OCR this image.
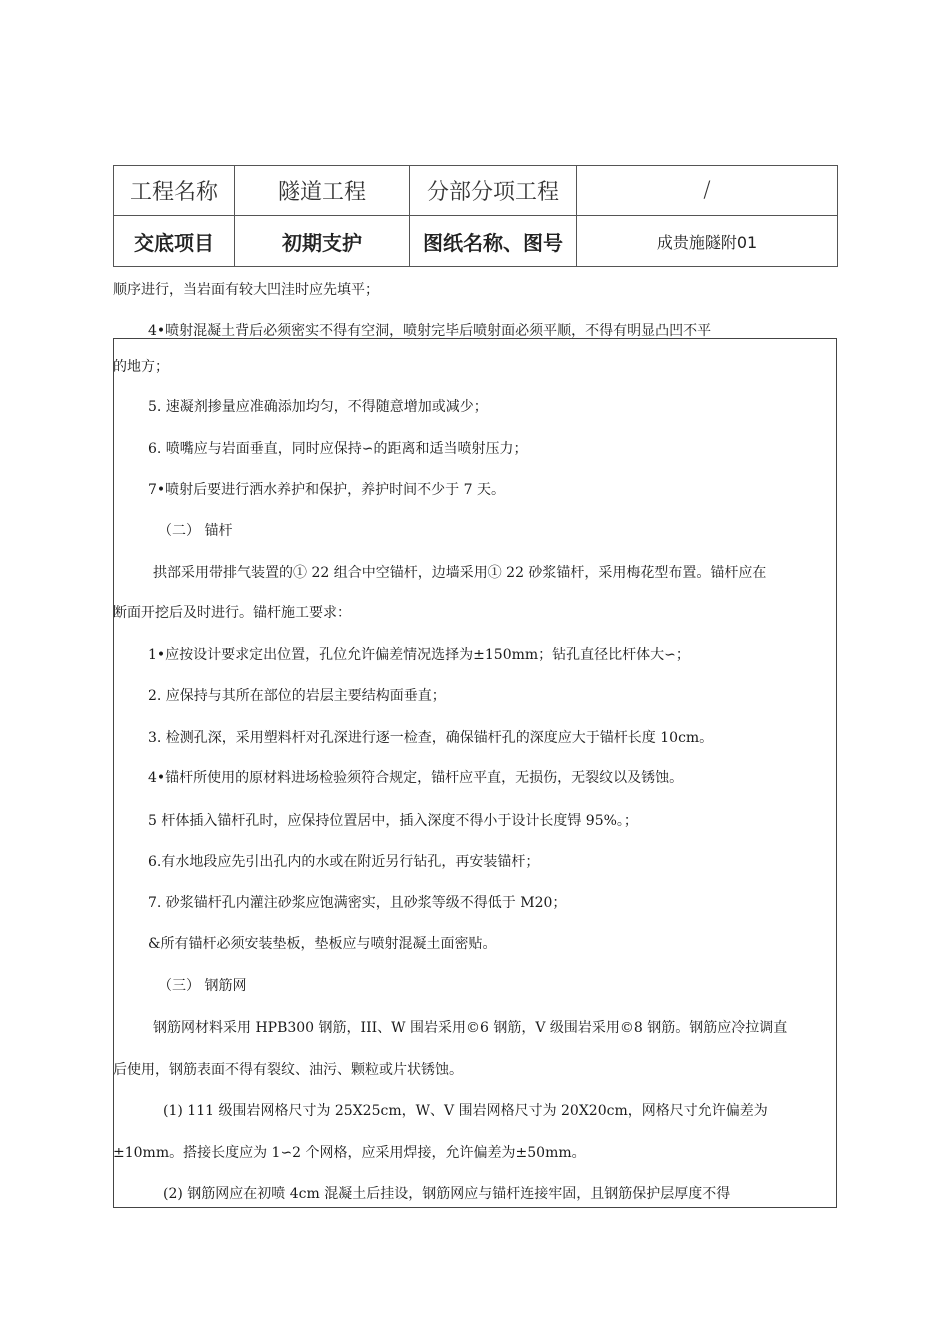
工程名称	隧道工程	分部分项工程	/
交底项目	初期支护	图纸名称、图号	成贵施隧附01
顺序进行，当岩面有较大凹洼时应先填平；
4•喷射混凝土背后必须密实不得有空洞，喷射完毕后喷射面必须平顺，不得有明显凸凹不平
的地方；
5. 速凝剂掺量应准确添加均匀，不得随意增加或减少；
6. 喷嘴应与岩面垂直，同时应保持∽的距离和适当喷射压力；
7•喷射后要进行洒水养护和保护，养护时间不少于 7 天。
（二） 锚杆
拱部采用带排气装置的① 22 组合中空锚杆，边墙采用① 22 砂浆锚杆，采用梅花型布置。锚杆应在
断面开挖后及时进行。锚杆施工要求：
1•应按设计要求定出位置，孔位允许偏差情况选择为±150mm；钻孔直径比杆体大∽；
2. 应保持与其所在部位的岩层主要结构面垂直；
3. 检测孔深，采用塑料杆对孔深进行逐一检查，确保锚杆孔的深度应大于锚杆长度 10cm。
4•锚杆所使用的原材料进场检验须符合规定，锚杆应平直，无损伤，无裂纹以及锈蚀。
5 杆体插入锚杆孔时，应保持位置居中，插入深度不得小于设计长度锝 95%。；
6.有水地段应先引出孔内的水或在附近另行钻孔，再安装锚杆；
7. 砂浆锚杆孔内灌注砂浆应饱满密实，且砂浆等级不得低于 M20；
&所有锚杆必须安装垫板，垫板应与喷射混凝土面密贴。
（三） 钢筋网
钢筋网材料采用 HPB300 钢筋，III、W 围岩采用©6 钢筋，V 级围岩采用©8 钢筋。钢筋应冷拉调直
后使用，钢筋表面不得有裂纹、油污、颗粒或片状锈蚀。
(1) 111 级围岩网格尺寸为 25X25cm，W、V 围岩网格尺寸为 20X20cm，网格尺寸允许偏差为
±10mm。搭接长度应为 1∽2 个网格，应采用焊接，允许偏差为±50mm。
(2) 钢筋网应在初喷 4cm 混凝土后挂设，钢筋网应与锚杆连接牢固，且钢筋保护层厚度不得
